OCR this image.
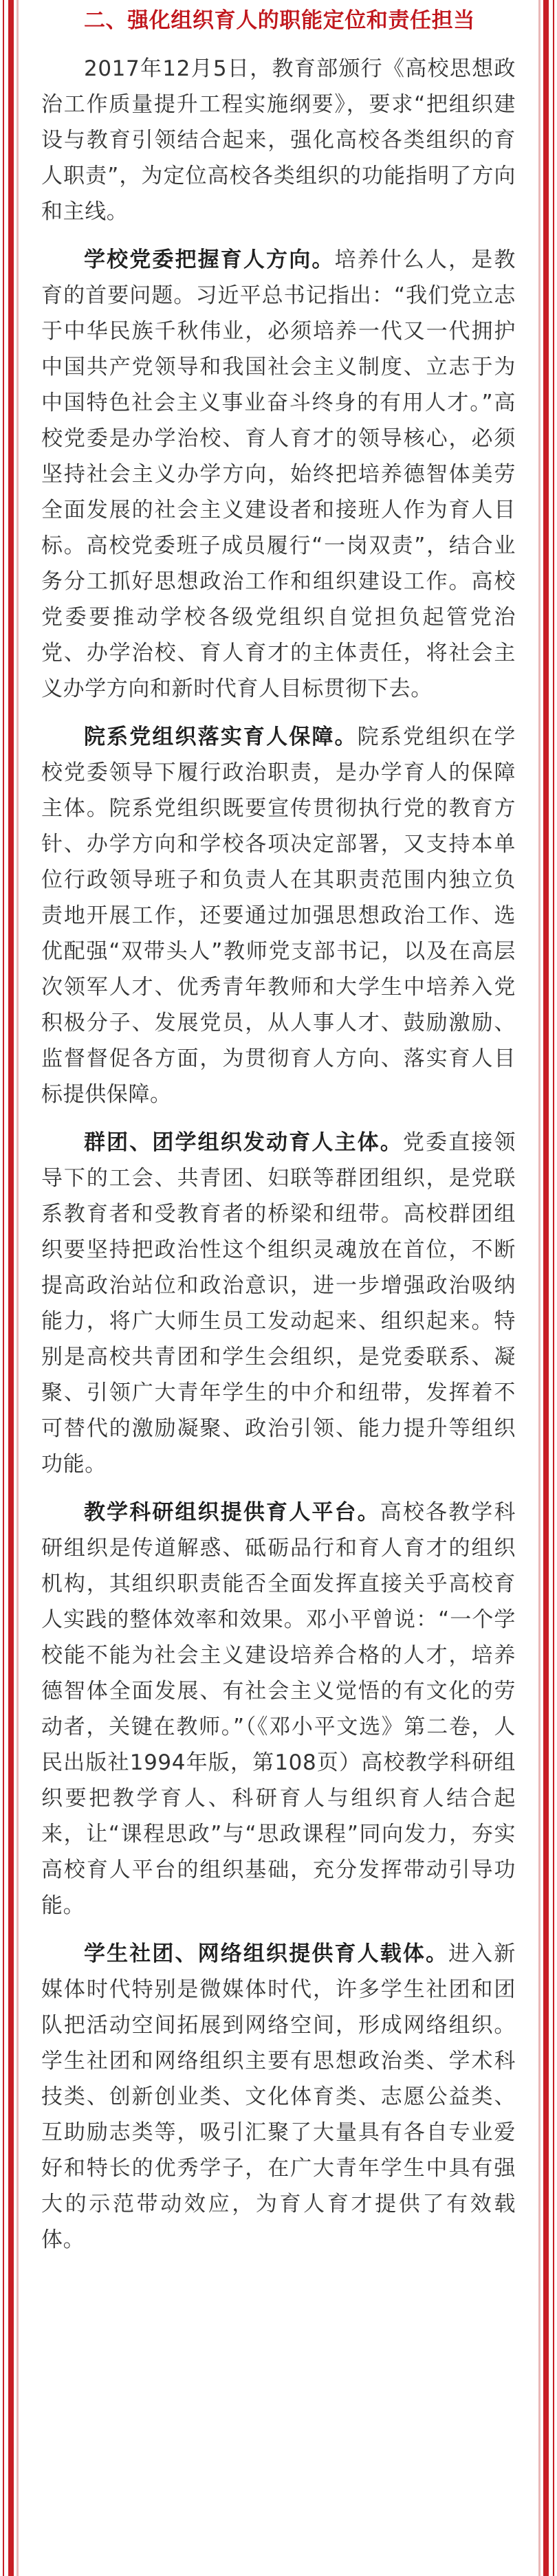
二、强化组织育人的职能定位和责任担当

2017年12月5日，教育部颁行《高校思想政治工作质量提升工程实施纲要》，要求“把组织建设与教育引领结合起来，强化高校各类组织的育人职责”，为定位高校各类组织的功能指明了方向和主线。

学校党委把握育人方向。培养什么人，是教育的首要问题。习近平总书记指出：“我们党立志于中华民族千秋伟业，必须培养一代又一代拥护中国共产党领导和我国社会主义制度、立志于为中国特色社会主义事业奋斗终身的有用人才。”高校党委是办学治校、育人育才的领导核心，必须坚持社会主义办学方向，始终把培养德智体美劳全面发展的社会主义建设者和接班人作为育人目标。高校党委班子成员履行“一岗双责”，结合业务分工抓好思想政治工作和组织建设工作。高校党委要推动学校各级党组织自觉担负起管党治党、办学治校、育人育才的主体责任，将社会主义办学方向和新时代育人目标贯彻下去。

院系党组织落实育人保障。院系党组织在学校党委领导下履行政治职责，是办学育人的保障主体。院系党组织既要宣传贯彻执行党的教育方针、办学方向和学校各项决定部署，又支持本单位行政领导班子和负责人在其职责范围内独立负责地开展工作，还要通过加强思想政治工作、选优配强“双带头人”教师党支部书记，以及在高层次领军人才、优秀青年教师和大学生中培养入党积极分子、发展党员，从人事人才、鼓励激励、监督督促各方面，为贯彻育人方向、落实育人目标提供保障。

群团、团学组织发动育人主体。党委直接领导下的工会、共青团、妇联等群团组织，是党联系教育者和受教育者的桥梁和纽带。高校群团组织要坚持把政治性这个组织灵魂放在首位，不断提高政治站位和政治意识，进一步增强政治吸纳能力，将广大师生员工发动起来、组织起来。特别是高校共青团和学生会组织，是党委联系、凝聚、引领广大青年学生的中介和纽带，发挥着不可替代的激励凝聚、政治引领、能力提升等组织功能。

教学科研组织提供育人平台。高校各教学科研组织是传道解惑、砥砺品行和育人育才的组织机构，其组织职责能否全面发挥直接关乎高校育人实践的整体效率和效果。邓小平曾说：“一个学校能不能为社会主义建设培养合格的人才，培养德智体全面发展、有社会主义觉悟的有文化的劳动者，关键在教师。”（《邓小平文选》第二卷，人民出版社1994年版，第108页）高校教学科研组织要把教学育人、科研育人与组织育人结合起来，让“课程思政”与“思政课程”同向发力，夯实高校育人平台的组织基础，充分发挥带动引导功能。

学生社团、网络组织提供育人载体。进入新媒体时代特别是微媒体时代，许多学生社团和团队把活动空间拓展到网络空间，形成网络组织。学生社团和网络组织主要有思想政治类、学术科技类、创新创业类、文化体育类、志愿公益类、互助励志类等，吸引汇聚了大量具有各自专业爱好和特长的优秀学子，在广大青年学生中具有强大的示范带动效应，为育人育才提供了有效载体。
